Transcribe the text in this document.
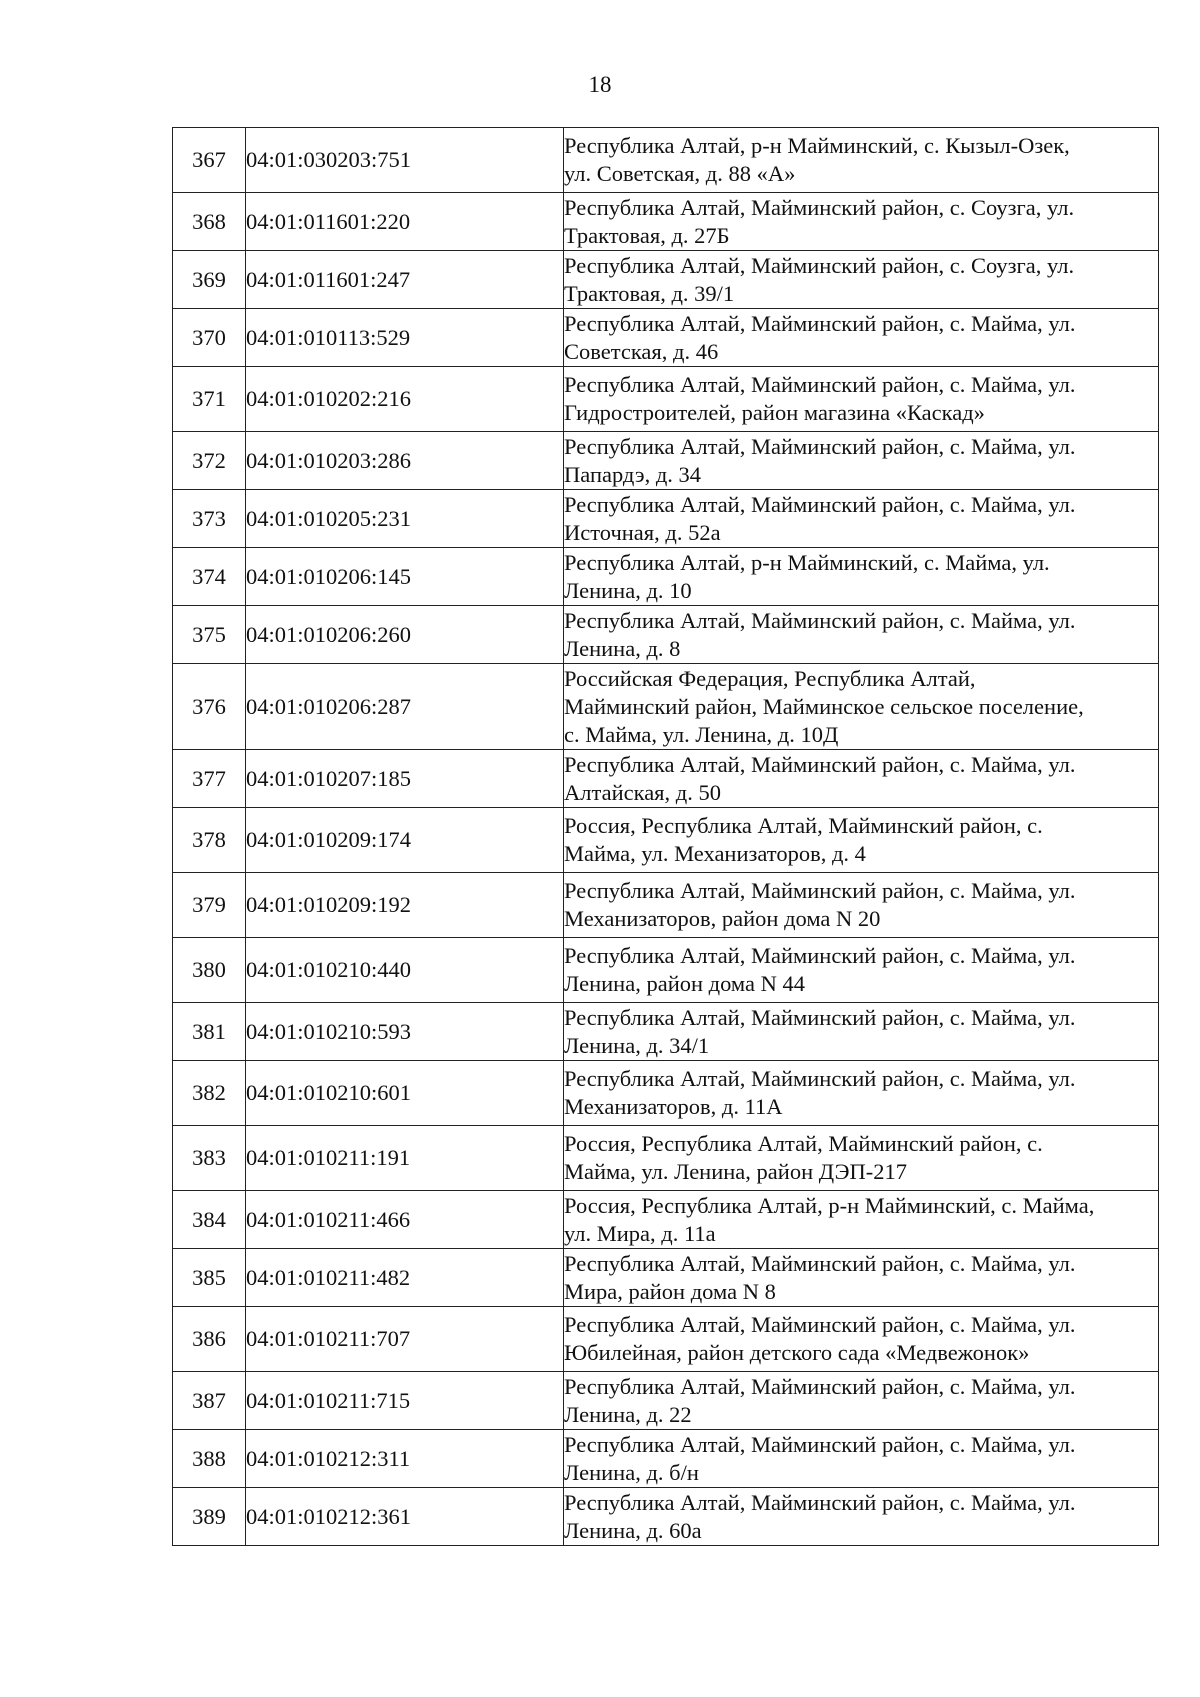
18
367	04:01:030203:751	Республика Алтай, р-н Майминский, с. Кызыл-Озек,
ул. Советская, д. 88 «А»

368	04:01:011601:220	Республика Алтай, Майминский район, с. Соузга, ул.
Трактовая, д. 27Б

369	04:01:011601:247	Республика Алтай, Майминский район, с. Соузга, ул.
Трактовая, д. 39/1

370	04:01:010113:529	Республика Алтай, Майминский район, с. Майма, ул.
Советская, д. 46

371	04:01:010202:216	Республика Алтай, Майминский район, с. Майма, ул.
Гидростроителей, район магазина «Каскад»

372	04:01:010203:286	Республика Алтай, Майминский район, с. Майма, ул.
Папардэ, д. 34

373	04:01:010205:231	Республика Алтай, Майминский район, с. Майма, ул.
Источная, д. 52а

374	04:01:010206:145	Республика Алтай, р-н Майминский, с. Майма, ул.
Ленина, д. 10

375	04:01:010206:260	Республика Алтай, Майминский район, с. Майма, ул.
Ленина, д. 8

376	04:01:010206:287	Российская Федерация, Республика Алтай,
Майминский район, Майминское сельское поселение,
с. Майма, ул. Ленина, д. 10Д

377	04:01:010207:185	Республика Алтай, Майминский район, с. Майма, ул.
Алтайская, д. 50

378	04:01:010209:174	Россия, Республика Алтай, Майминский район, с.
Майма, ул. Механизаторов, д. 4

379	04:01:010209:192	Республика Алтай, Майминский район, с. Майма, ул.
Механизаторов, район дома N 20

380	04:01:010210:440	Республика Алтай, Майминский район, с. Майма, ул.
Ленина, район дома N 44

381	04:01:010210:593	Республика Алтай, Майминский район, с. Майма, ул.
Ленина, д. 34/1

382	04:01:010210:601	Республика Алтай, Майминский район, с. Майма, ул.
Механизаторов, д. 11А

383	04:01:010211:191	Россия, Республика Алтай, Майминский район, с.
Майма, ул. Ленина, район ДЭП-217

384	04:01:010211:466	Россия, Республика Алтай, р-н Майминский, с. Майма,
ул. Мира, д. 11а

385	04:01:010211:482	Республика Алтай, Майминский район, с. Майма, ул.
Мира, район дома N 8

386	04:01:010211:707	Республика Алтай, Майминский район, с. Майма, ул.
Юбилейная, район детского сада «Медвежонок»

387	04:01:010211:715	Республика Алтай, Майминский район, с. Майма, ул.
Ленина, д. 22

388	04:01:010212:311	Республика Алтай, Майминский район, с. Майма, ул.
Ленина, д. б/н

389	04:01:010212:361	Республика Алтай, Майминский район, с. Майма, ул.
Ленина, д. 60а
